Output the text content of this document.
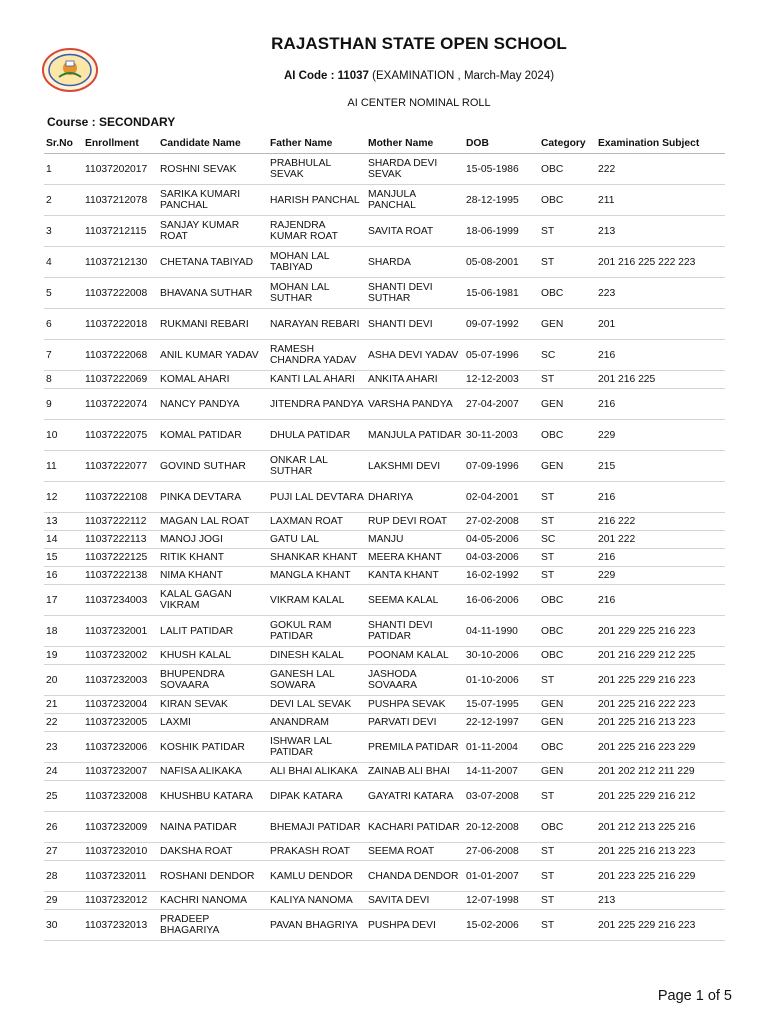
RAJASTHAN STATE OPEN SCHOOL
AI Code : 11037 (EXAMINATION , March-May 2024)
AI CENTER NOMINAL ROLL
Course : SECONDARY
Sr.No	Enrollment	Candidate Name	Father Name	Mother Name	DOB	Category	Examination Subject
1	11037202017	ROSHNI SEVAK	PRABHULAL SEVAK	SHARDA DEVI SEVAK	15-05-1986	OBC	222
2	11037212078	SARIKA KUMARI PANCHAL	HARISH PANCHAL	MANJULA PANCHAL	28-12-1995	OBC	211
3	11037212115	SANJAY KUMAR ROAT	RAJENDRA KUMAR ROAT	SAVITA ROAT	18-06-1999	ST	213
4	11037212130	CHETANA TABIYAD	MOHAN LAL TABIYAD	SHARDA	05-08-2001	ST	201 216 225 222 223
5	11037222008	BHAVANA SUTHAR	MOHAN LAL SUTHAR	SHANTI DEVI SUTHAR	15-06-1981	OBC	223
6	11037222018	RUKMANI REBARI	NARAYAN REBARI	SHANTI DEVI	09-07-1992	GEN	201
7	11037222068	ANIL KUMAR YADAV	RAMESH CHANDRA YADAV	ASHA DEVI YADAV	05-07-1996	SC	216
8	11037222069	KOMAL AHARI	KANTI LAL AHARI	ANKITA AHARI	12-12-2003	ST	201 216 225
9	11037222074	NANCY PANDYA	JITENDRA PANDYA	VARSHA PANDYA	27-04-2007	GEN	216
10	11037222075	KOMAL PATIDAR	DHULA PATIDAR	MANJULA PATIDAR	30-11-2003	OBC	229
11	11037222077	GOVIND SUTHAR	ONKAR LAL SUTHAR	LAKSHMI DEVI	07-09-1996	GEN	215
12	11037222108	PINKA DEVTARA	PUJI LAL DEVTARA	DHARIYA	02-04-2001	ST	216
13	11037222112	MAGAN LAL ROAT	LAXMAN ROAT	RUP DEVI ROAT	27-02-2008	ST	216 222
14	11037222113	MANOJ JOGI	GATU LAL	MANJU	04-05-2006	SC	201 222
15	11037222125	RITIK KHANT	SHANKAR KHANT	MEERA KHANT	04-03-2006	ST	216
16	11037222138	NIMA KHANT	MANGLA KHANT	KANTA KHANT	16-02-1992	ST	229
17	11037234003	KALAL GAGAN VIKRAM	VIKRAM KALAL	SEEMA KALAL	16-06-2006	OBC	216
18	11037232001	LALIT PATIDAR	GOKUL RAM PATIDAR	SHANTI DEVI PATIDAR	04-11-1990	OBC	201 229 225 216 223
19	11037232002	KHUSH KALAL	DINESH KALAL	POONAM KALAL	30-10-2006	OBC	201 216 229 212 225
20	11037232003	BHUPENDRA SOVAARA	GANESH LAL SOWARA	JASHODA SOVAARA	01-10-2006	ST	201 225 229 216 223
21	11037232004	KIRAN SEVAK	DEVI LAL SEVAK	PUSHPA SEVAK	15-07-1995	GEN	201 225 216 222 223
22	11037232005	LAXMI	ANANDRAM	PARVATI DEVI	22-12-1997	GEN	201 225 216 213 223
23	11037232006	KOSHIK PATIDAR	ISHWAR LAL PATIDAR	PREMILA PATIDAR	01-11-2004	OBC	201 225 216 223 229
24	11037232007	NAFISA ALIKAKA	ALI BHAI ALIKAKA	ZAINAB ALI BHAI	14-11-2007	GEN	201 202 212 211 229
25	11037232008	KHUSHBU KATARA	DIPAK KATARA	GAYATRI KATARA	03-07-2008	ST	201 225 229 216 212
26	11037232009	NAINA PATIDAR	BHEMAJI PATIDAR	KACHARI PATIDAR	20-12-2008	OBC	201 212 213 225 216
27	11037232010	DAKSHA ROAT	PRAKASH ROAT	SEEMA ROAT	27-06-2008	ST	201 225 216 213 223
28	11037232011	ROSHANI DENDOR	KAMLU DENDOR	CHANDA DENDOR	01-01-2007	ST	201 223 225 216 229
29	11037232012	KACHRI NANOMA	KALIYA NANOMA	SAVITA DEVI	12-07-1998	ST	213
30	11037232013	PRADEEP BHAGARIYA	PAVAN BHAGRIYA	PUSHPA DEVI	15-02-2006	ST	201 225 229 216 223
Page 1 of 5
